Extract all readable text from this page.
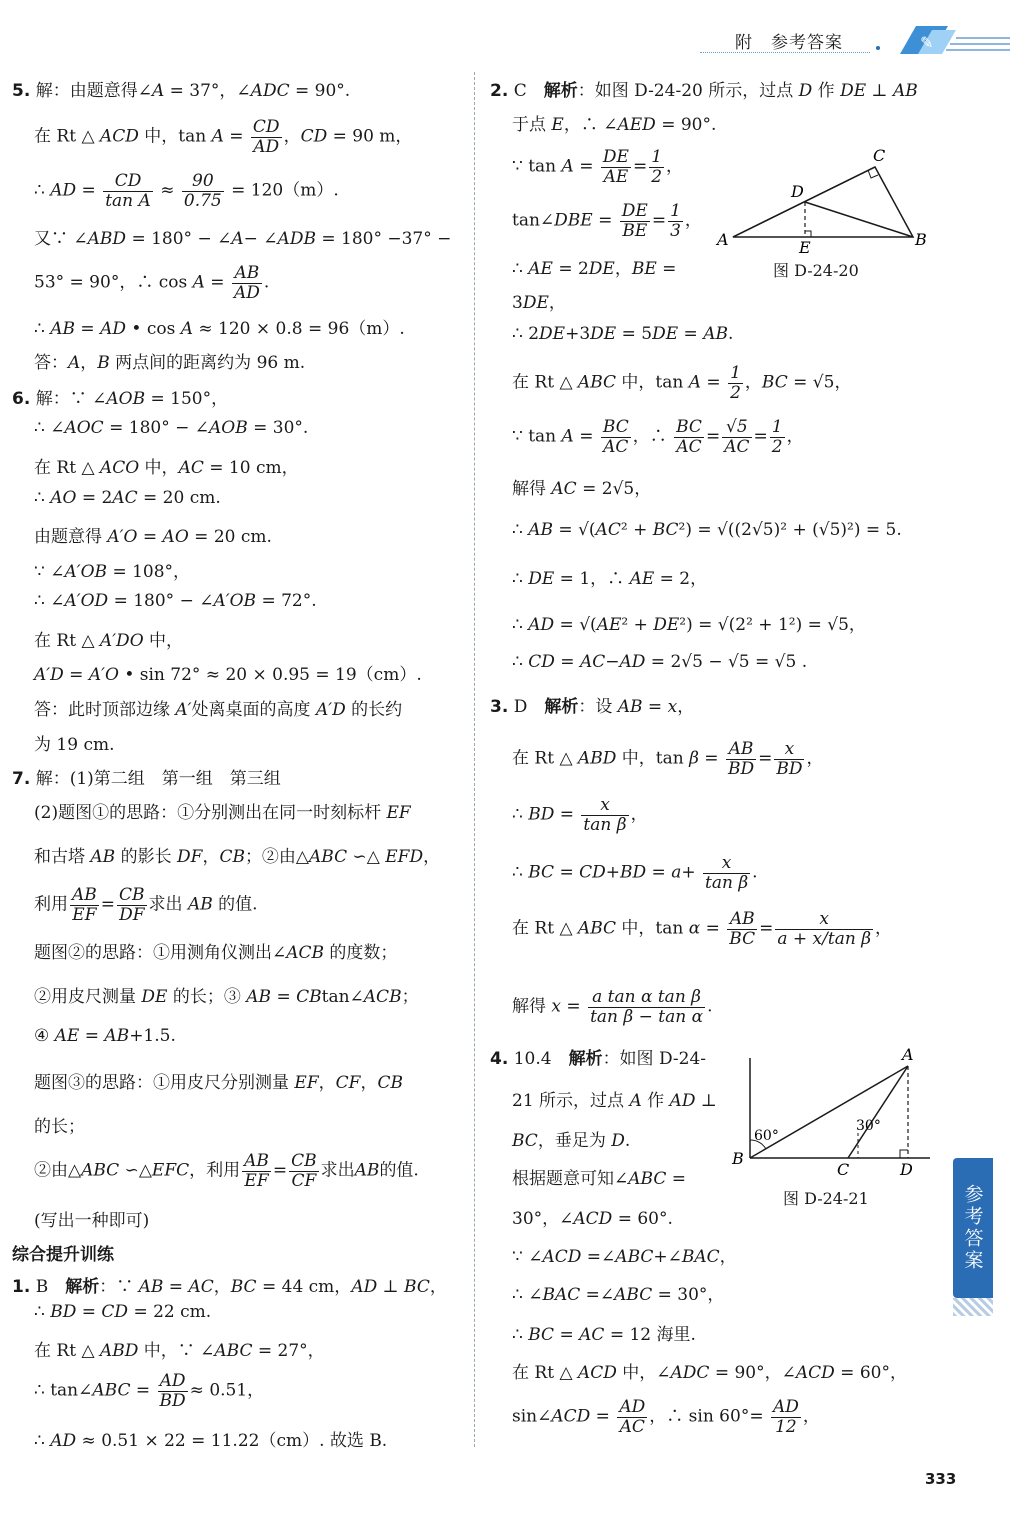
附　参考答案	✎
5. 解：由题意得∠A = 37°，∠ADC = 90°.
在 Rt △ ACD 中，$\tan A = \frac{CD}{AD}$ ，CD = 90 m，
∴ AD = $\frac{CD}{\text{tan A}} \approx \frac{90}{0.75} = 120(m)$.
又∵ ∠ABD = 180° − ∠A− ∠ADB = 180° −37° −
53° = 90°，∴ $\cos A = \frac{AB}{AD}$ .
∴ AB = AD • cos A ≈ 120 × 0.8 = 96（m）.
答：A，B 两点间的距离约为 96 m.
6. 解：∵ ∠AOB = 150°，
∴ ∠AOC = 180° − ∠AOB = 30°.
在 Rt △ ACO 中，AC = 10 cm，
∴ AO = 2AC = 20 cm.
由题意得 A′O = AO = 20 cm.
∵ ∠A′OB = 108°，
∴ ∠A′OD = 180° − ∠A′OB = 72°.
在 Rt △ A′DO 中，
A′D = A′O • sin 72° ≈ 20 × 0.95 = 19（cm）.
答：此时顶部边缘 A′处离桌面的高度 A′D 的长约
为 19 cm.
7. 解：(1)第二组　第一组　第三组
(2)题图①的思路：①分别测出在同一时刻标杆 EF
和古塔 AB 的影长 DF，CB；②由△ABC ∽△ EFD，
利用 $\frac{AB}{EF} = \frac{CB}{DF}$ 求出 AB 的值.
题图②的思路：①用测角仪测出∠ACB 的度数；
②用皮尺测量 DE 的长；③ AB = CBtan∠ACB；
④ AE = AB+1.5.
题图③的思路：①用皮尺分别测量 EF，CF，CB
的长；
②由△ABC ∽△EFC，利用 $\frac{AB}{EF} = \frac{CB}{CF}$ 求出AB的值.
(写出一种即可)
综合提升训练
1. B　解析：∵ AB = AC，BC = 44 cm，AD ⊥ BC，
∴ BD = CD = 22 cm.
在 Rt △ ABD 中，∵ ∠ABC = 27°，
∴ tan∠ABC = $\frac{AD}{BD} \approx 0.51$，
∴ AD ≈ 0.51 × 22 = 11.22（cm）. 故选 B.
2. C　解析：如图 D-24-20 所示，过点 D 作 DE ⊥ AB
于点 E，∴ ∠AED = 90°.
∵ $\tan A = \frac{DE}{AE} = \frac{1}{2}$ ，
tan∠DBE = $\frac{DE}{BE} = \frac{1}{3}$ ，
∴ AE = 2DE，BE =
3DE，
∴ 2DE+3DE = 5DE = AB.
在 Rt △ ABC 中，$\tan A = \frac{1}{2}$ ，BC = √5，
∵ $\tan A = \frac{BC}{AC}$ ，∴ $\frac{BC}{AC} = \frac{√5}{AC} = \frac{1}{2}$ ，
解得 AC = 2√5，
∴ AB = √(AC² + BC²) = √((2√5)² + (√5)²) = 5.
∴ DE = 1，∴ AE = 2，
∴ AD = √(AE² + DE²) = √(2² + 1²) = √5，
∴ CD = AC−AD = 2√5 − √5 = √5 .
3. D　解析：设 AB = x，
在 Rt △ ABD 中，$\tan \beta = \frac{AB}{BD} = \frac{x}{BD}$ ，
∴ BD = $\frac{x}{\text{tan β}}$ ，
∴ BC = $CD+BD = a+ \frac{x}{\text{tan β}}$ .
在 Rt △ ABC 中，$\tan \alpha = \frac{AB}{BC} = \frac{x}{\text{a + x/tan β}}$ ，
解得 $x = \frac{\text{a tan α tan β}}{\text{tan β − tan α}}$ .
4. 10.4　解析：如图 D-24-
21 所示，过点 A 作 AD ⊥
BC，垂足为 D.
根据题意可知∠ABC =
30°，∠ACD = 60°.
∵ ∠ACD =∠ABC+∠BAC，
∴ ∠BAC =∠ABC = 30°，
∴ BC = AC = 12 海里.
在 Rt △ ACD 中，∠ADC = 90°，∠ACD = 60°，
sin∠ACD = $\frac{AD}{AC}$ ，∴ $\sin 60^\circ= \frac{AD}{12}$ ，
C
D
A	E	B
图 D-24-20
A
B
C	D
60°
30°
图 D-24-21	参考答案
333
